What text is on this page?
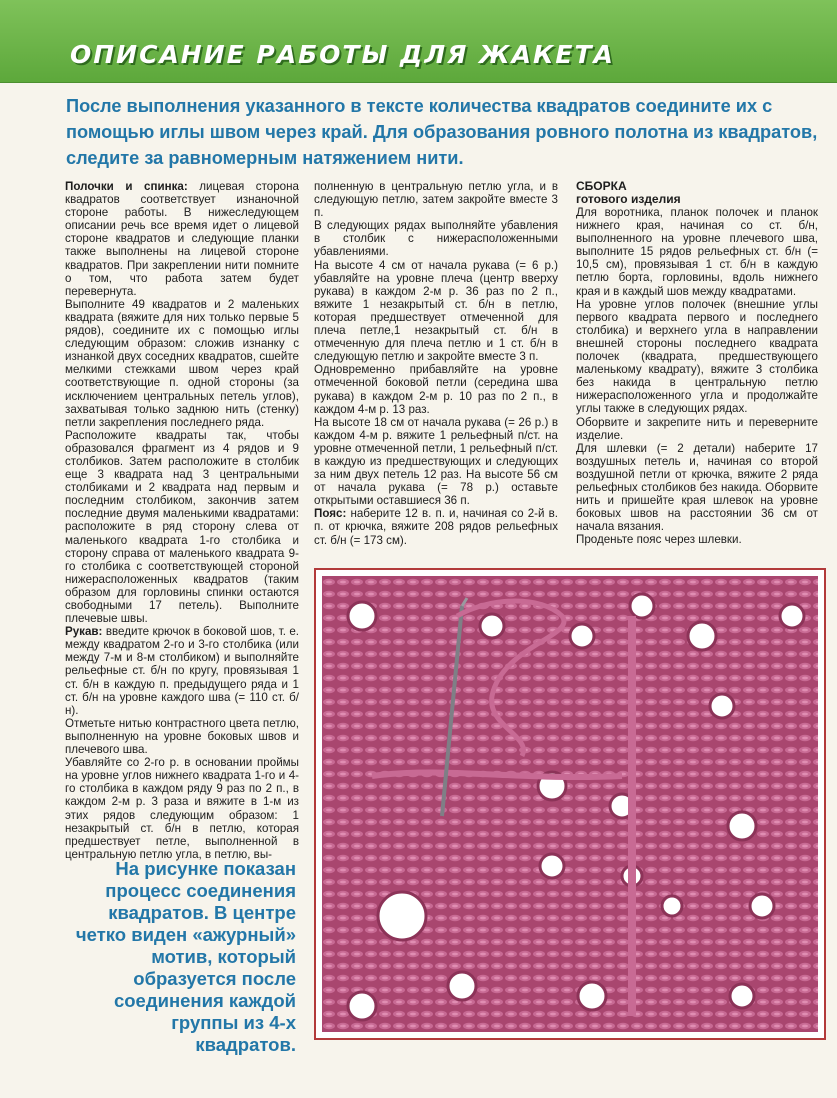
ОПИСАНИЕ РАБОТЫ ДЛЯ ЖАКЕТА
После выполнения указанного в тексте количества квадратов соедините их с помощью иглы швом через край. Для образования ровного полотна из квадратов, следите за равномерным натяжением нити.

Полочки и спинка: лицевая сторона квадратов соответствует изнаночной стороне работы. В нижеследующем описании речь все время идет о лицевой стороне квадратов и следующие планки также выполнены на лицевой стороне квадратов. При закреплении нити помните о том, что работа затем будет перевернута.

Выполните 49 квадратов и 2 маленьких квадрата (вяжите для них только первые 5 рядов), соедините их с помощью иглы следующим образом: сложив изнанку с изнанкой двух соседних квадратов, сшейте мелкими стежками швом через край соответствующие п. одной стороны (за исключением центральных петель углов), захватывая только заднюю нить (стенку) петли закрепления последнего ряда.

Расположите квадраты так, чтобы образовался фрагмент из 4 рядов и 9 столбиков. Затем расположите в столбик еще 3 квадрата над 3 центральными столбиками и 2 квадрата над первым и последним столбиком, закончив затем последние двумя маленькими квадратами: расположите в ряд сторону слева от маленького квадрата 1-го столбика и сторону справа от маленького квадрата 9-го столбика с соответствующей стороной нижерасположенных квадратов (таким образом для горловины спинки остаются свободными 17 петель). Выполните плечевые швы.

Рукав: введите крючок в боковой шов, т. е. между квадратом 2-го и 3-го столбика (или между 7-м и 8-м столбиком) и выполняйте рельефные ст. б/н по кругу, провязывая 1 ст. б/н в каждую п. предыдущего ряда и 1 ст. б/н на уровне каждого шва (= 110 ст. б/н).

Отметьте нитью контрастного цвета петлю, выполненную на уровне боковых швов и плечевого шва.

Убавляйте со 2-го р. в основании проймы на уровне углов нижнего квадрата 1-го и 4-го столбика в каждом ряду 9 раз по 2 п., в каждом 2-м р. 3 раза и вяжите в 1-м из этих рядов следующим образом: 1 незакрытый ст. б/н в петлю, которая предшествует петле, выполненной в центральную петлю угла, в петлю, вы-

полненную в центральную петлю угла, и в следующую петлю, затем закройте вместе 3 п.

В следующих рядах выполняйте убавления в столбик с нижерасположенными убавлениями.

На высоте 4 см от начала рукава (= 6 р.) убавляйте на уровне плеча (центр вверху рукава) в каждом 2-м р. 36 раз по 2 п., вяжите 1 незакрытый ст. б/н в петлю, которая предшествует отмеченной для плеча петле,1 незакрытый ст. б/н в отмеченную для плеча петлю и 1 ст. б/н в следующую петлю и закройте вместе 3 п.

Одновременно прибавляйте на уровне отмеченной боковой петли (середина шва рукава) в каждом 2-м р. 10 раз по 2 п., в каждом 4-м р. 13 раз.

На высоте 18 см от начала рукава (= 26 р.) в каждом 4-м р. вяжите 1 рельефный п/ст. на уровне отмеченной петли, 1 рельефный п/ст. в каждую из предшествующих и следующих за ним двух петель 12 раз. На высоте 56 см от начала рукава (= 78 р.) оставьте открытыми оставшиеся 36 п.

Пояс: наберите 12 в. п. и, начиная со 2-й в. п. от крючка, вяжите 208 рядов рельефных ст. б/н (= 173 см).

СБОРКА

готового изделия

Для воротника, планок полочек и планок нижнего края, начиная со ст. б/н, выполненного на уровне плечевого шва, выполните 15 рядов рельефных ст. б/н (= 10,5 см), провязывая 1 ст. б/н в каждую петлю борта, горловины, вдоль нижнего края и в каждый шов между квадратами.

На уровне углов полочек (внешние углы первого квадрата первого и последнего столбика) и верхнего угла в направлении внешней стороны последнего квадрата полочек (квадрата, предшествующего маленькому квадрату), вяжите 3 столбика без накида в центральную петлю нижерасположенного угла и продолжайте углы также в следующих рядах.

Оборвите и закрепите нить и переверните изделие.

Для шлевки (= 2 детали) наберите 17 воздушных петель и, начиная со второй воздушной петли от крючка, вяжите 2 ряда рельефных столбиков без накида. Оборвите нить и пришейте края шлевок на уровне боковых швов на расстоянии 36 см от начала вязания.

Проденьте пояс через шлевки.

На рисунке показан процесс соединения квадратов. В центре четко виден «ажурный» мотив, который образуется после соединения каждой группы из 4-х квадратов.
